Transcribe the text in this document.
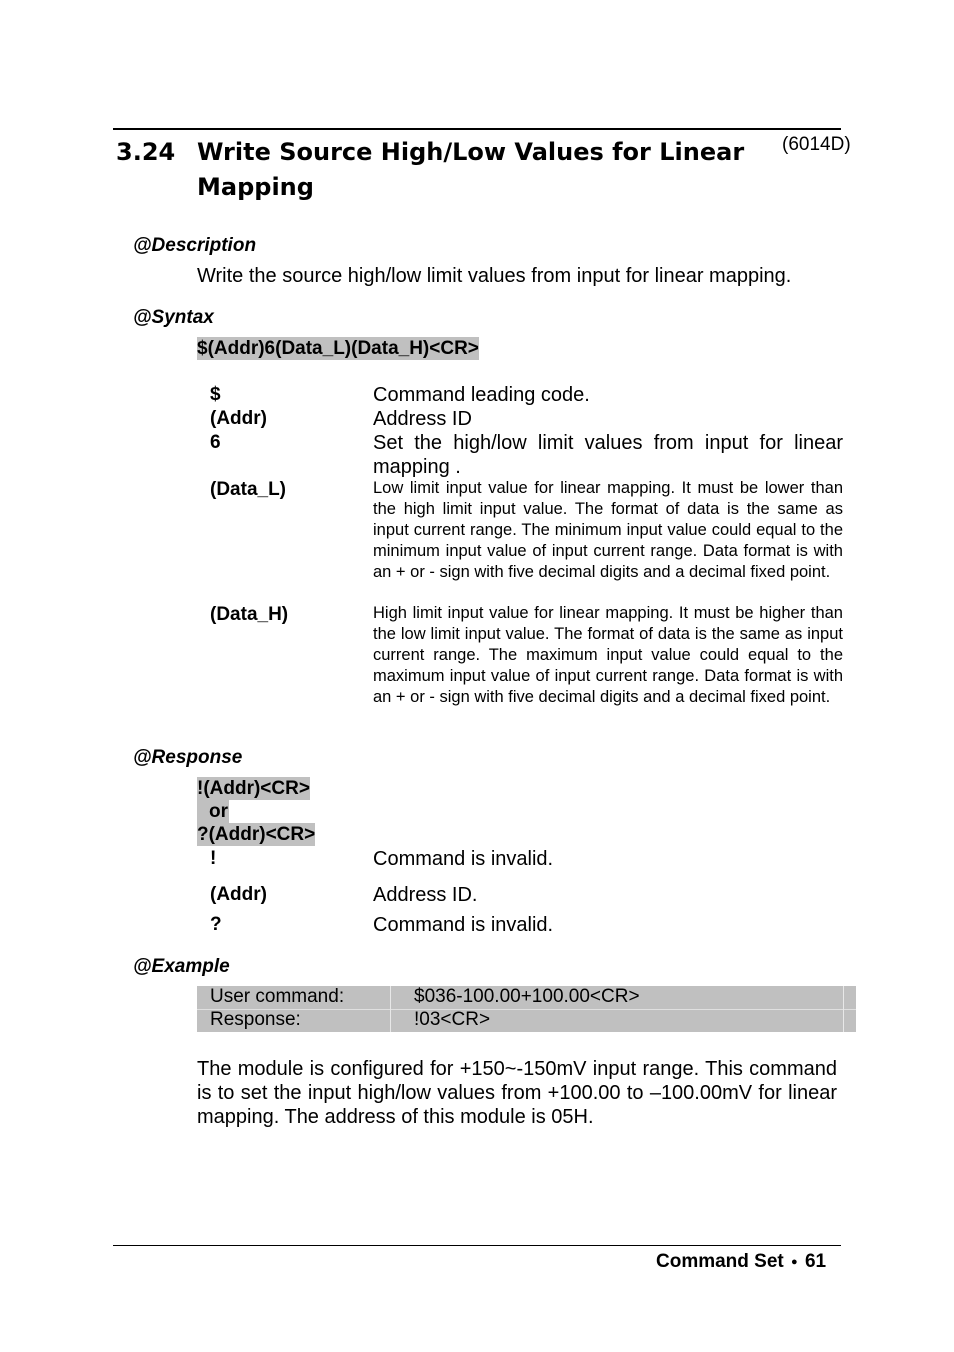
3.24 Write Source High/Low Values for Linear
Mapping
(6014D)
@Description
Write the source high/low limit values from input for linear mapping.
@Syntax
$(Addr)6(Data_L)(Data_H)<CR>
$	Command leading code.
(Addr)	Address ID
6	Set the high/low limit values from input for linear mapping .
(Data_L)	Low limit input value for linear mapping. It must be lower than the high limit input value. The format of data is the same as input current range. The minimum input value could equal to the minimum input value of input current range. Data format is with an + or - sign with five decimal digits and a decimal fixed point.
(Data_H)	High limit input value for linear mapping. It must be higher than the low limit input value. The format of data is the same as input current range. The maximum input value could equal to the maximum input value of input current range. Data format is with an + or - sign with five decimal digits and a decimal fixed point.
@Response
!(Addr)<CR>
or
?(Addr)<CR>
!	Command is invalid.
(Addr)	Address ID.
?	Command is invalid.
@Example
User command:	$036-100.00+100.00<CR>
Response:	!03<CR>
The module is configured for +150~-150mV input range. This command is to set the input high/low values from +100.00 to –100.00mV for linear mapping. The address of this module is 05H.
Command Set ● 61
